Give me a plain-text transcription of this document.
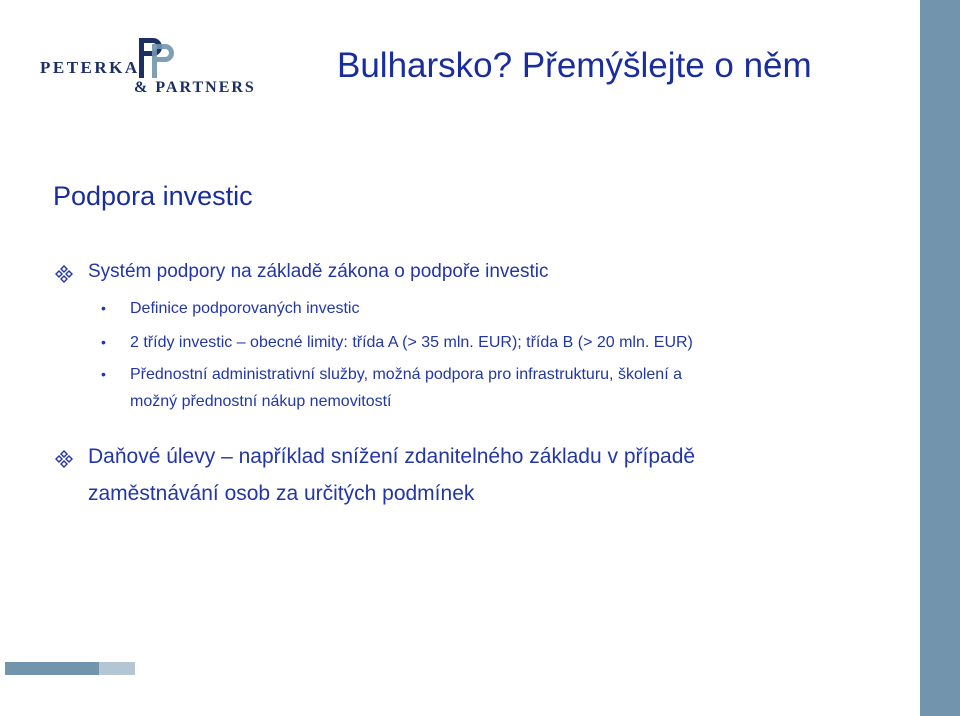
PETERKA
& PARTNERS
Bulharsko? Přemýšlejte o něm
Podpora investic
Systém podpory na základě zákona o podpoře investic
• Definice podporovaných investic
• 2 třídy investic – obecné limity: třída A (> 35 mln. EUR); třída B (> 20 mln. EUR)
• Přednostní administrativní služby, možná podpora pro infrastrukturu, školení a
možný přednostní nákup nemovitostí
Daňové úlevy – například snížení zdanitelného základu v případě
zaměstnávání osob za určitých podmínek
